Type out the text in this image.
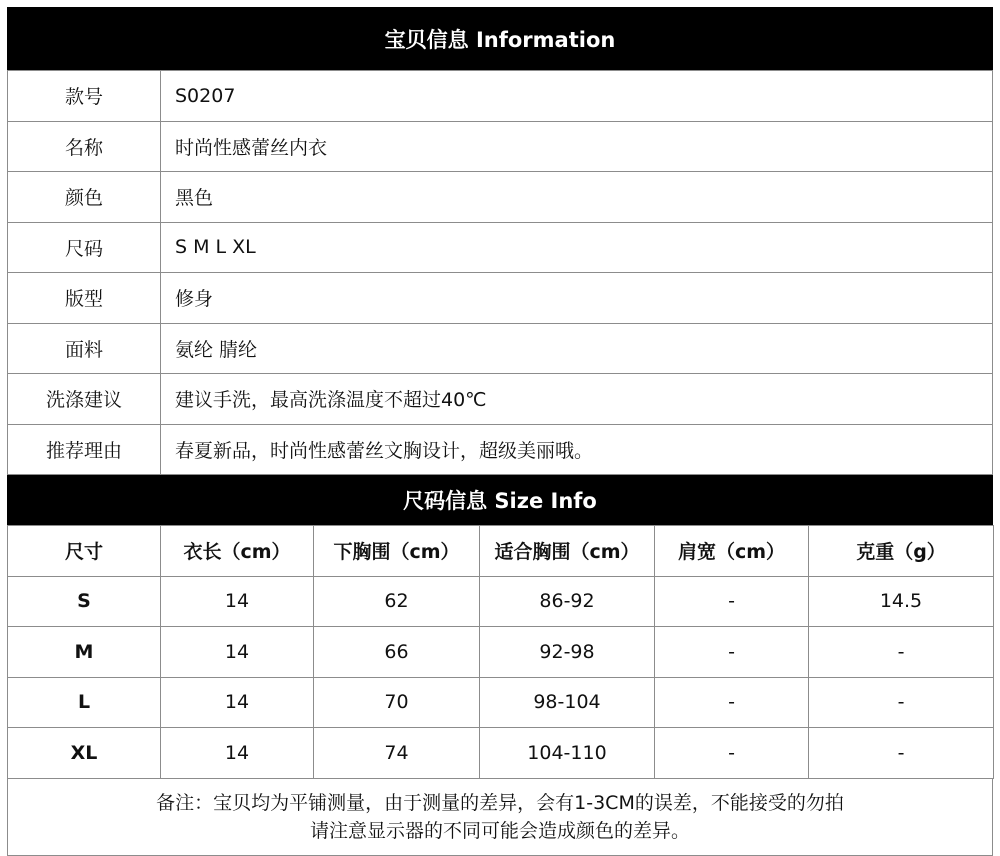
宝贝信息 Information
款号	S0207
名称	时尚性感蕾丝内衣
颜色	黑色
尺码	S M L XL
版型	修身
面料	氨纶 腈纶
洗涤建议	建议手洗，最高洗涤温度不超过40℃
推荐理由	春夏新品，时尚性感蕾丝文胸设计，超级美丽哦。
尺码信息 Size Info
尺寸	衣长（cm）	下胸围（cm）	适合胸围（cm）	肩宽（cm）	克重（g）
S	14	62	86-92	-	14.5
M	14	66	92-98	-	-
L	14	70	98-104	-	-
XL	14	74	104-110	-	-
备注：宝贝均为平铺测量，由于测量的差异，会有1-3CM的误差，不能接受的勿拍
请注意显示器的不同可能会造成颜色的差异。
